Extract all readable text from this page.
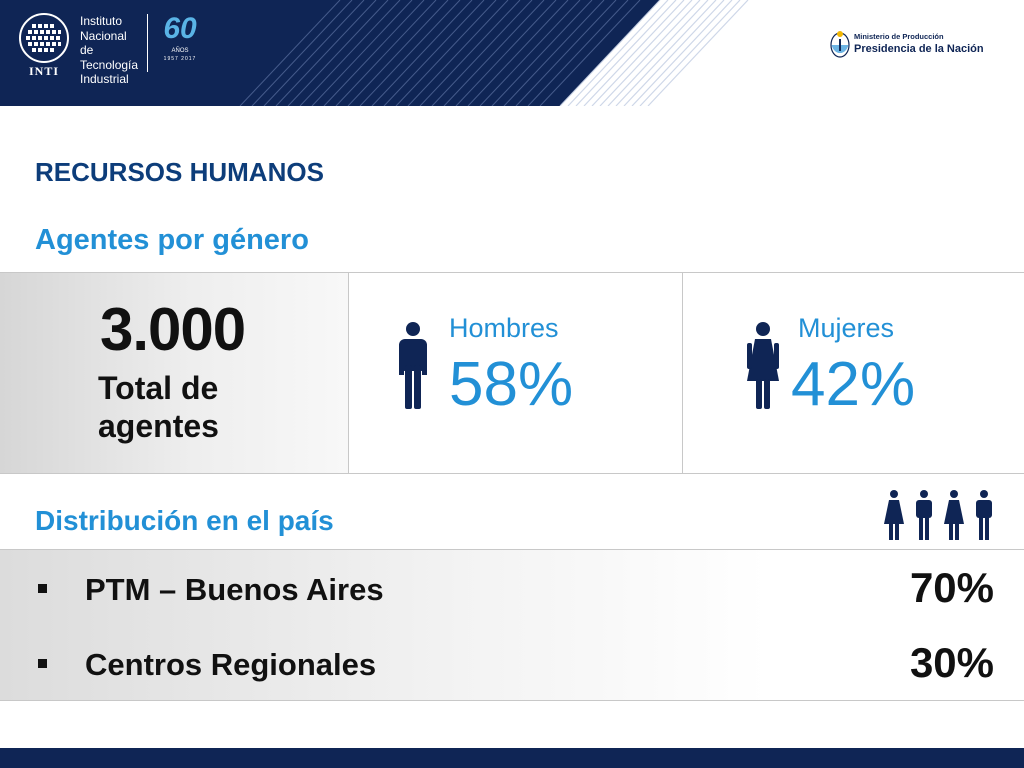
INTI
Instituto
Nacional
de Tecnología
Industrial
60
AÑOS
1957 2017
Ministerio de Producción
Presidencia de la Nación
RECURSOS HUMANOS
Agentes por género
3.000
Total de
agentes
Hombres
58%
Mujeres
42%
Distribución en el país
PTM – Buenos Aires	70%
Centros Regionales	30%
